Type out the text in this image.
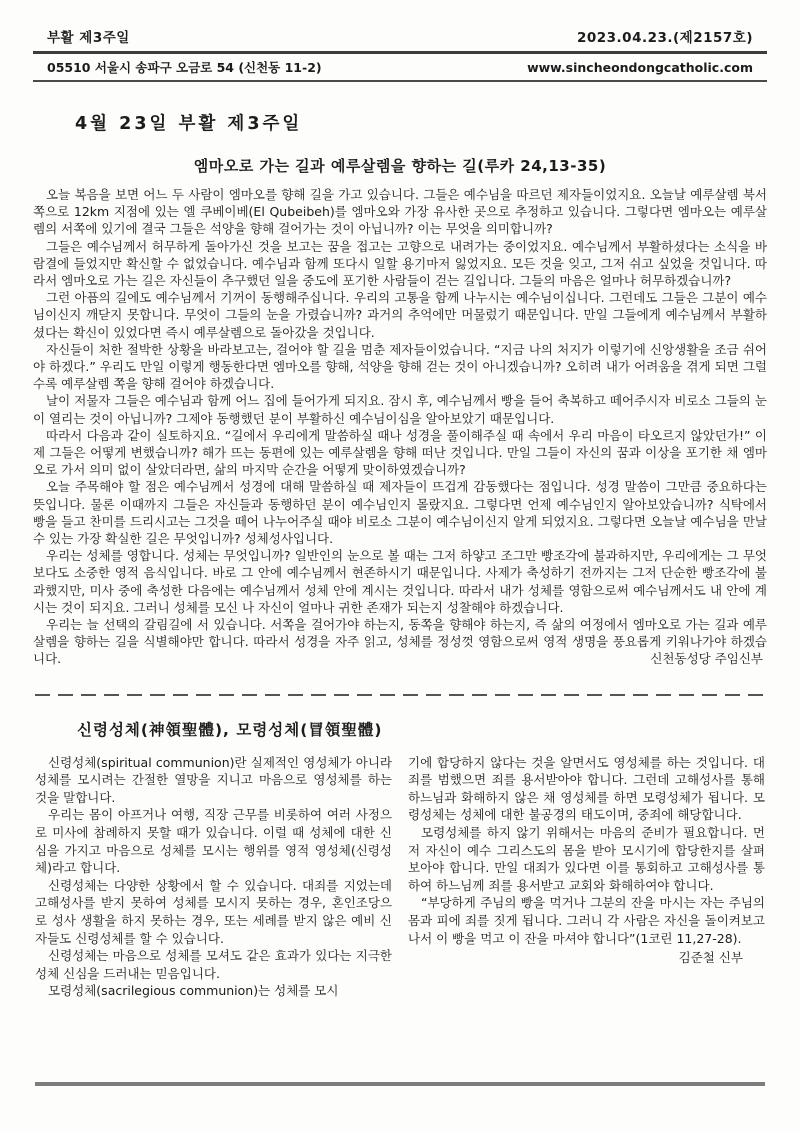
부활 제3주일	2023.04.23.(제2157호)
05510 서울시 송파구 오금로 54 (신천동 11-2)	www.sincheondongcatholic.com
4월 23일 부활 제3주일
엠마오로 가는 길과 예루살렘을 향하는 길(루카 24,13-35)

오늘 복음을 보면 어느 두 사람이 엠마오를 향해 길을 가고 있습니다. 그들은 예수님을 따르던 제자들이었지요. 오늘날 예루살렘 북서쪽으로 12km 지점에 있는 엘 쿠베이베(El Qubeibeh)를 엠마오와 가장 유사한 곳으로 추정하고 있습니다. 그렇다면 엠마오는 예루살렘의 서쪽에 있기에 결국 그들은 석양을 향해 걸어가는 것이 아닙니까? 이는 무엇을 의미합니까?

그들은 예수님께서 허무하게 돌아가신 것을 보고는 꿈을 접고는 고향으로 내려가는 중이었지요. 예수님께서 부활하셨다는 소식을 바람결에 들었지만 확신할 수 없었습니다. 예수님과 함께 또다시 일할 용기마저 잃었지요. 모든 것을 잊고, 그저 쉬고 싶었을 것입니다. 따라서 엠마오로 가는 길은 자신들이 추구했던 일을 중도에 포기한 사람들이 걷는 길입니다. 그들의 마음은 얼마나 허무하겠습니까?

그런 아픔의 길에도 예수님께서 기꺼이 동행해주십니다. 우리의 고통을 함께 나누시는 예수님이십니다. 그런데도 그들은 그분이 예수님이신지 깨닫지 못합니다. 무엇이 그들의 눈을 가렸습니까? 과거의 추억에만 머물렀기 때문입니다. 만일 그들에게 예수님께서 부활하셨다는 확신이 있었다면 즉시 예루살렘으로 돌아갔을 것입니다.

자신들이 처한 절박한 상황을 바라보고는, 걸어야 할 길을 멈춘 제자들이었습니다. “지금 나의 처지가 이렇기에 신앙생활을 조금 쉬어야 하겠다.” 우리도 만일 이렇게 행동한다면 엠마오를 향해, 석양을 향해 걷는 것이 아니겠습니까? 오히려 내가 어려움을 겪게 되면 그럴수록 예루살렘 쪽을 향해 걸어야 하겠습니다.

날이 저물자 그들은 예수님과 함께 어느 집에 들어가게 되지요. 잠시 후, 예수님께서 빵을 들어 축복하고 떼어주시자 비로소 그들의 눈이 열리는 것이 아닙니까? 그제야 동행했던 분이 부활하신 예수님이심을 알아보았기 때문입니다.

따라서 다음과 같이 실토하지요. “길에서 우리에게 말씀하실 때나 성경을 풀이해주실 때 속에서 우리 마음이 타오르지 않았던가!” 이제 그들은 어떻게 변했습니까? 해가 뜨는 동편에 있는 예루살렘을 향해 떠난 것입니다. 만일 그들이 자신의 꿈과 이상을 포기한 채 엠마오로 가서 의미 없이 살았더라면, 삶의 마지막 순간을 어떻게 맞이하였겠습니까?

오늘 주목해야 할 점은 예수님께서 성경에 대해 말씀하실 때 제자들이 뜨겁게 감동했다는 점입니다. 성경 말씀이 그만큼 중요하다는 뜻입니다. 물론 이때까지 그들은 자신들과 동행하던 분이 예수님인지 몰랐지요. 그렇다면 언제 예수님인지 알아보았습니까? 식탁에서 빵을 들고 찬미를 드리시고는 그것을 떼어 나누어주실 때야 비로소 그분이 예수님이신지 알게 되었지요. 그렇다면 오늘날 예수님을 만날 수 있는 가장 확실한 길은 무엇입니까? 성체성사입니다.

우리는 성체를 영합니다. 성체는 무엇입니까? 일반인의 눈으로 볼 때는 그저 하얗고 조그만 빵조각에 불과하지만, 우리에게는 그 무엇보다도 소중한 영적 음식입니다. 바로 그 안에 예수님께서 현존하시기 때문입니다. 사제가 축성하기 전까지는 그저 단순한 빵조각에 불과했지만, 미사 중에 축성한 다음에는 예수님께서 성체 안에 계시는 것입니다. 따라서 내가 성체를 영함으로써 예수님께서도 내 안에 계시는 것이 되지요. 그러니 성체를 모신 나 자신이 얼마나 귀한 존재가 되는지 성찰해야 하겠습니다.

우리는 늘 선택의 갈림길에 서 있습니다. 서쪽을 걸어가야 하는지, 동쪽을 향해야 하는지, 즉 삶의 여정에서 엠마오로 가는 길과 예루살렘을 향하는 길을 식별해야만 합니다. 따라서 성경을 자주 읽고, 성체를 정성껏 영함으로써 영적 생명을 풍요롭게 키워나가야 하겠습니다.	신천동성당 주임신부

신령성체(神領聖體), 모령성체(冒領聖體)

신령성체(spiritual communion)란 실제적인 영성체가 아니라 성체를 모시려는 간절한 열망을 지니고 마음으로 영성체를 하는 것을 말합니다.

우리는 몸이 아프거나 여행, 직장 근무를 비롯하여 여러 사정으로 미사에 참례하지 못할 때가 있습니다. 이럴 때 성체에 대한 신심을 가지고 마음으로 성체를 모시는 행위를 영적 영성체(신령성체)라고 합니다.

신령성체는 다양한 상황에서 할 수 있습니다. 대죄를 지었는데 고해성사를 받지 못하여 성체를 모시지 못하는 경우, 혼인조당으로 성사 생활을 하지 못하는 경우, 또는 세례를 받지 않은 예비 신자들도 신령성체를 할 수 있습니다.

신령성체는 마음으로 성체를 모셔도 같은 효과가 있다는 지극한 성체 신심을 드러내는 믿음입니다.

모령성체(sacrilegious communion)는 성체를 모시

기에 합당하지 않다는 것을 알면서도 영성체를 하는 것입니다. 대죄를 범했으면 죄를 용서받아야 합니다. 그런데 고해성사를 통해 하느님과 화해하지 않은 채 영성체를 하면 모령성체가 됩니다. 모령성체는 성체에 대한 불공경의 태도이며, 중죄에 해당합니다.

모령성체를 하지 않기 위해서는 마음의 준비가 필요합니다. 먼저 자신이 예수 그리스도의 몸을 받아 모시기에 합당한지를 살펴보아야 합니다. 만일 대죄가 있다면 이를 통회하고 고해성사를 통하여 하느님께 죄를 용서받고 교회와 화해하여야 합니다.

“부당하게 주님의 빵을 먹거나 그분의 잔을 마시는 자는 주님의 몸과 피에 죄를 짓게 됩니다. 그러니 각 사람은 자신을 돌이켜보고 나서 이 빵을 먹고 이 잔을 마셔야 합니다”(1코린 11,27-28).

김준철 신부
